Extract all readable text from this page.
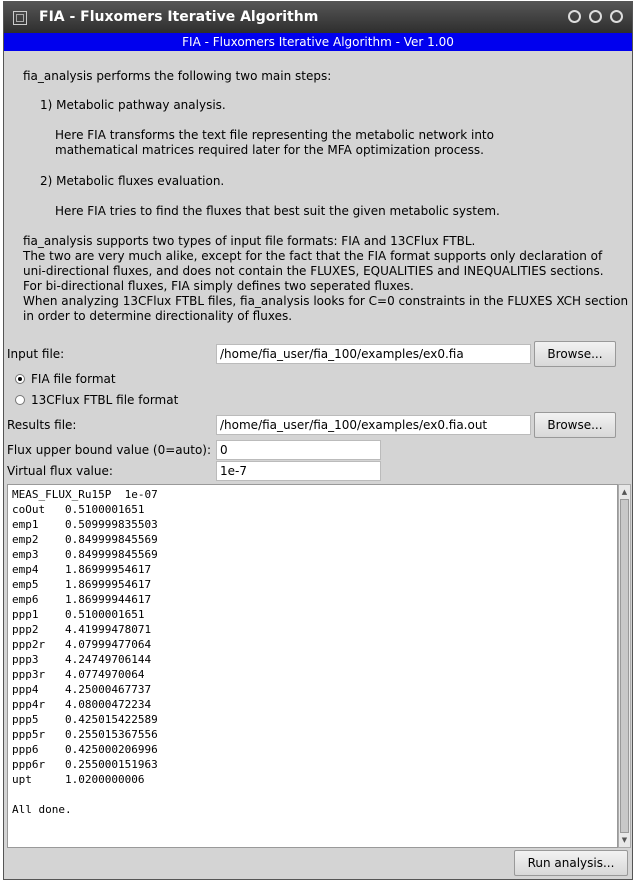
FIA - Fluxomers Iterative Algorithm
FIA - Fluxomers Iterative Algorithm - Ver 1.00
fia_analysis performs the following two main steps:
1) Metabolic pathway analysis.
Here FIA transforms the text file representing the metabolic network into
mathematical matrices required later for the MFA optimization process.
2) Metabolic fluxes evaluation.
Here FIA tries to find the fluxes that best suit the given metabolic system.
fia_analysis supports two types of input file formats: FIA and 13CFlux FTBL.
The two are very much alike, except for the fact that the FIA format supports only declaration of
uni-directional fluxes, and does not contain the FLUXES, EQUALITIES and INEQUALITIES sections.
For bi-directional fluxes, FIA simply defines two seperated fluxes.
When analyzing 13CFlux FTBL files, fia_analysis looks for C=0 constraints in the FLUXES XCH section
in order to determine directionality of fluxes.
Input file:	/home/fia_user/fia_100/examples/ex0.fia	Browse...
FIA file format
13CFlux FTBL file format
Results file:	/home/fia_user/fia_100/examples/ex0.fia.out	Browse...
Flux upper bound value (0=auto): 0
Virtual flux value:	1e-7
MEAS_FLUX_Ru15P  1e-07
coOut   0.5100001651
emp1    0.509999835503
emp2    0.849999845569
emp3    0.849999845569
emp4    1.86999954617
emp5    1.86999954617
emp6    1.86999944617
ppp1    0.5100001651
ppp2    4.41999478071
ppp2r   4.07999477064
ppp3    4.24749706144
ppp3r   4.0774970064
ppp4    4.25000467737
ppp4r   4.08000472234
ppp5    0.425015422589
ppp5r   0.255015367556
ppp6    0.425000206996
ppp6r   0.255000151963
upt     1.0200000006
All done.
▲
▼
Run analysis...
